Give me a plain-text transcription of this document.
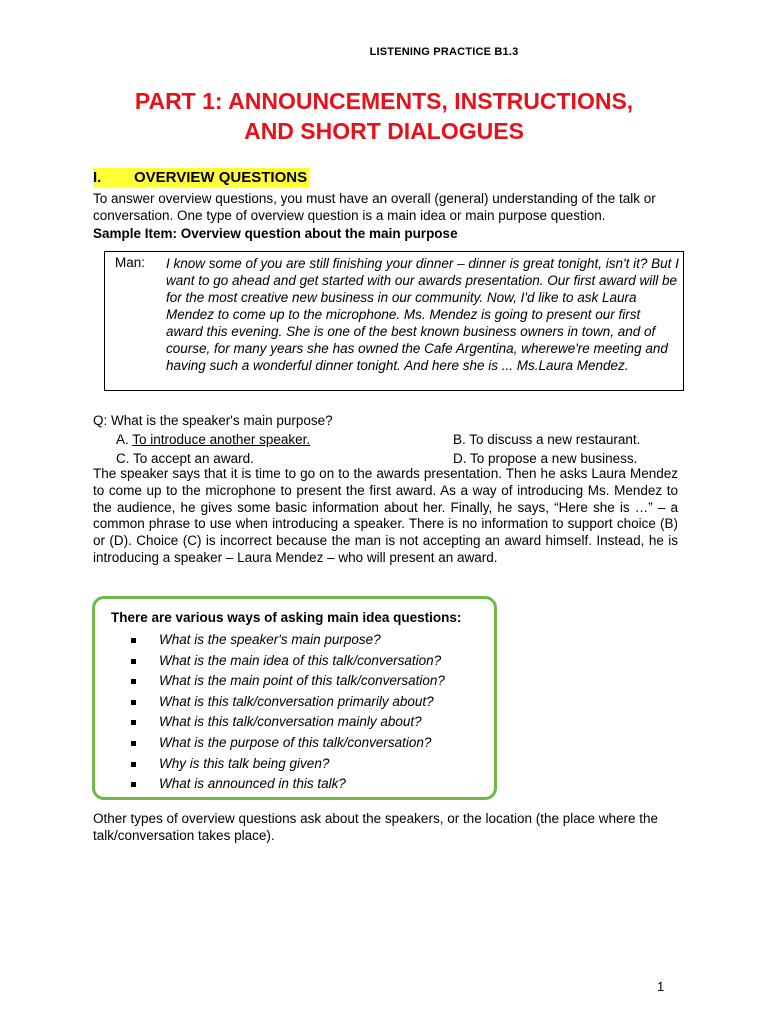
LISTENING PRACTICE B1.3
PART 1: ANNOUNCEMENTS, INSTRUCTIONS,
AND SHORT DIALOGUES
I. OVERVIEW QUESTIONS
To answer overview questions, you must have an overall (general) understanding of the talk or conversation. One type of overview question is a main idea or main purpose question.
Sample Item: Overview question about the main purpose
Man: I know some of you are still finishing your dinner – dinner is great tonight, isn't it? But I want to go ahead and get started with our awards presentation. Our first award will be for the most creative new business in our community. Now, I'd like to ask Laura Mendez to come up to the microphone. Ms. Mendez is going to present our first award this evening. She is one of the best known business owners in town, and of course, for many years she has owned the Cafe Argentina, wherewe're meeting and having such a wonderful dinner tonight. And here she is ... Ms.Laura Mendez.
Q: What is the speaker's main purpose?
A. To introduce another speaker.	B. To discuss a new restaurant.
C. To accept an award.	D. To propose a new business.
The speaker says that it is time to go on to the awards presentation. Then he asks Laura Mendez to come up to the microphone to present the first award. As a way of introducing Ms. Mendez to the audience, he gives some basic information about her. Finally, he says, “Here she is …” – a common phrase to use when introducing a speaker. There is no information to support choice (B) or (D). Choice (C) is incorrect because the man is not accepting an award himself. Instead, he is introducing a speaker – Laura Mendez – who will present an award.
There are various ways of asking main idea questions:
What is the speaker's main purpose?
What is the main idea of this talk/conversation?
What is the main point of this talk/conversation?
What is this talk/conversation primarily about?
What is this talk/conversation mainly about?
What is the purpose of this talk/conversation?
Why is this talk being given?
What is announced in this talk?
Other types of overview questions ask about the speakers, or the location (the place where the talk/conversation takes place).
1
